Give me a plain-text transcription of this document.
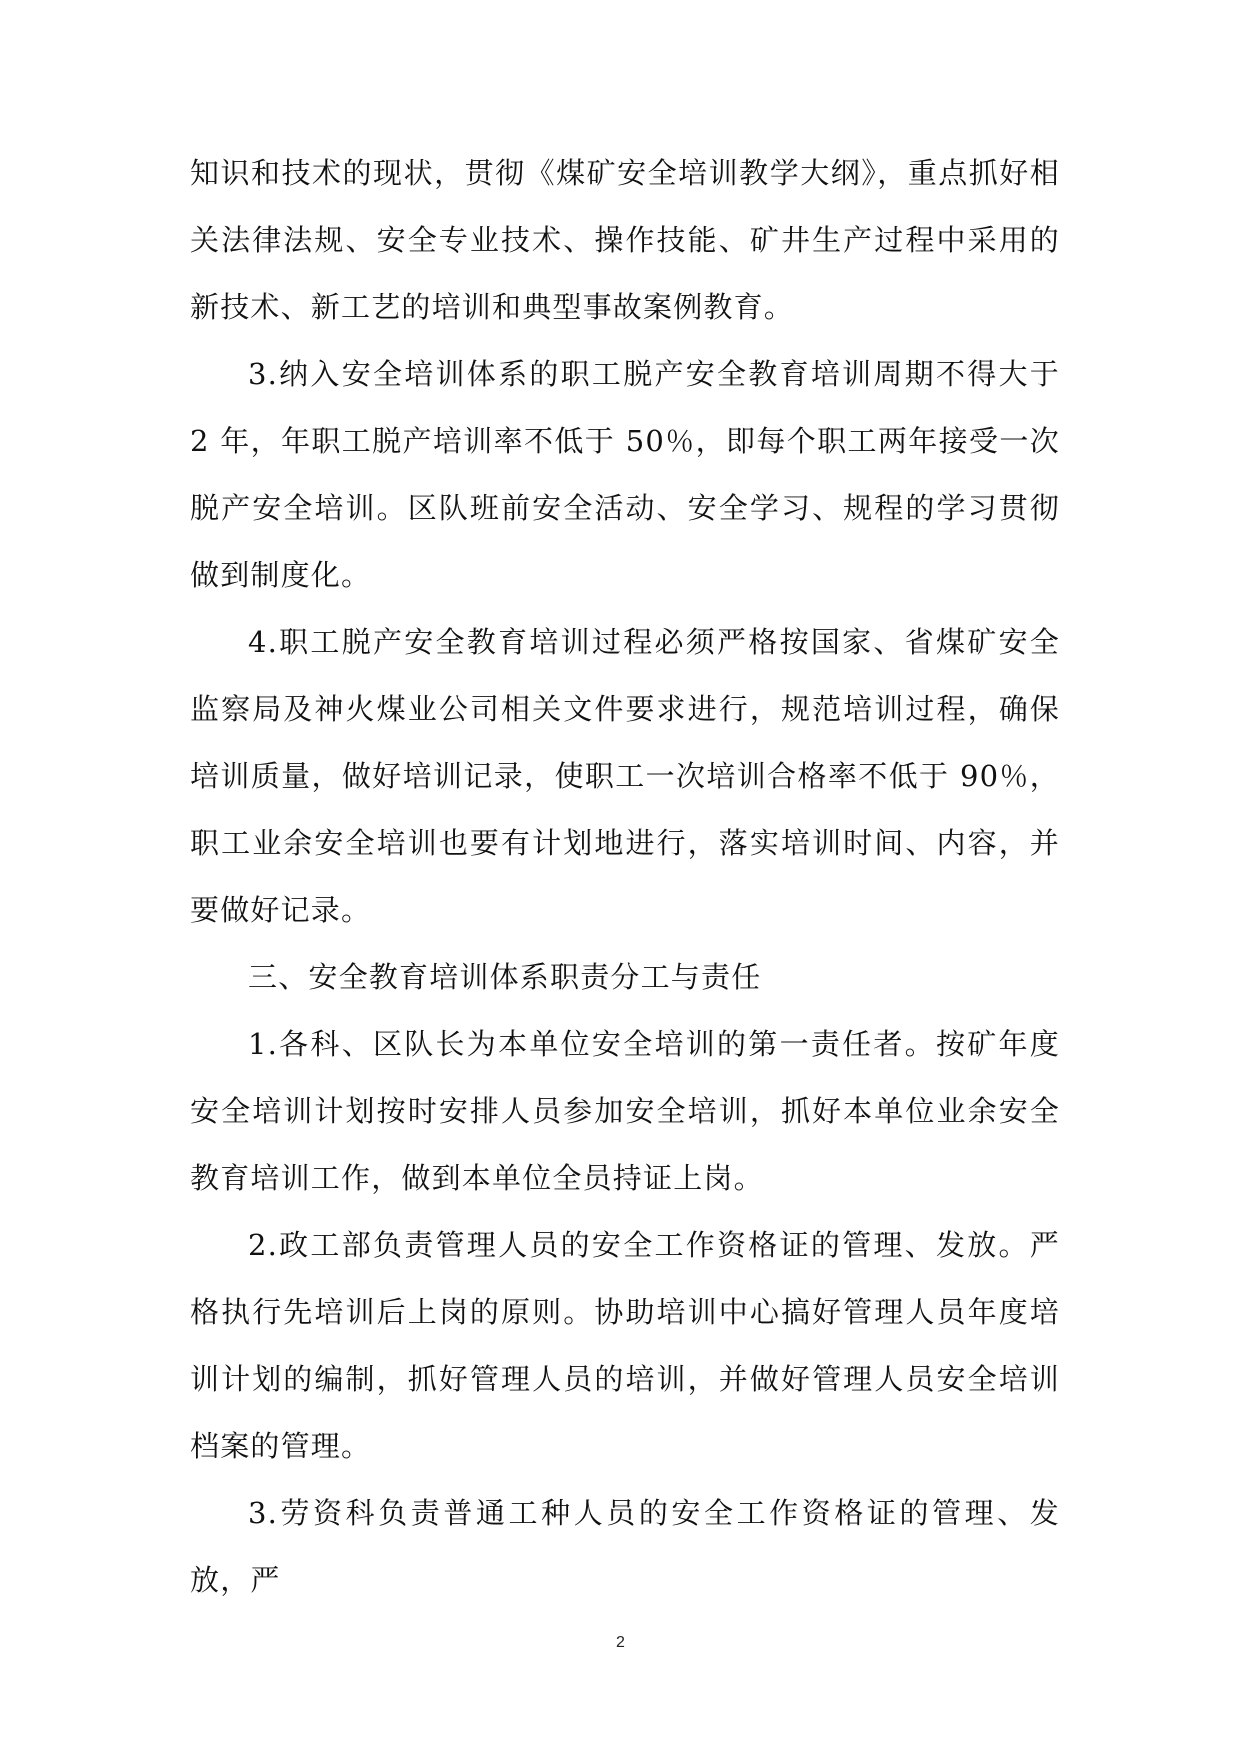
知识和技术的现状，贯彻《煤矿安全培训教学大纲》，重点抓好相关法律法规、安全专业技术、操作技能、矿井生产过程中采用的新技术、新工艺的培训和典型事故案例教育。

3.纳入安全培训体系的职工脱产安全教育培训周期不得大于 2 年，年职工脱产培训率不低于 50％，即每个职工两年接受一次脱产安全培训。区队班前安全活动、安全学习、规程的学习贯彻做到制度化。

4.职工脱产安全教育培训过程必须严格按国家、省煤矿安全监察局及神火煤业公司相关文件要求进行，规范培训过程，确保培训质量，做好培训记录，使职工一次培训合格率不低于 90％，职工业余安全培训也要有计划地进行，落实培训时间、内容，并要做好记录。

三、安全教育培训体系职责分工与责任

1.各科、区队长为本单位安全培训的第一责任者。按矿年度安全培训计划按时安排人员参加安全培训，抓好本单位业余安全教育培训工作，做到本单位全员持证上岗。

2.政工部负责管理人员的安全工作资格证的管理、发放。严格执行先培训后上岗的原则。协助培训中心搞好管理人员年度培训计划的编制，抓好管理人员的培训，并做好管理人员安全培训档案的管理。

3.劳资科负责普通工种人员的安全工作资格证的管理、发放，严

2
